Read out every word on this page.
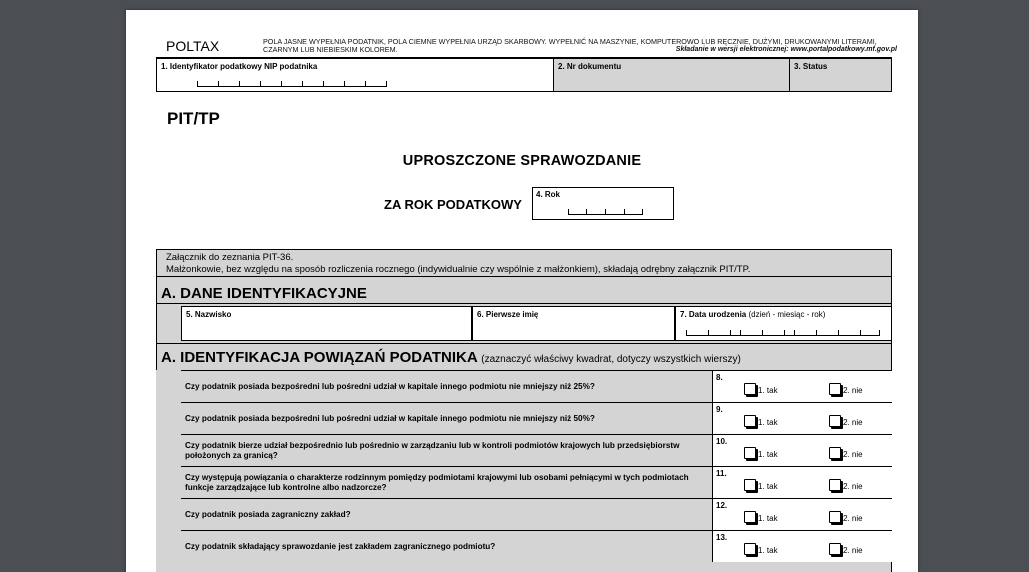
POLTAX	POLA JASNE WYPEŁNIA PODATNIK, POLA CIEMNE WYPEŁNIA URZĄD SKARBOWY. WYPEŁNIĆ NA MASZYNIE, KOMPUTEROWO LUB RĘCZNIE, DUŻYMI, DRUKOWANYMI LITERAMI, CZARNYM LUB NIEBIESKIM KOLOREM.	Składanie w wersji elektronicznej: www.portalpodatkowy.mf.gov.pl
1. Identyfikator podatkowy NIP podatnika	2. Nr dokumentu	3. Status
PIT/TP
UPROSZCZONE SPRAWOZDANIE
ZA ROK PODATKOWY
4. Rok
Załącznik do zeznania PIT-36.
Małżonkowie, bez względu na sposób rozliczenia rocznego (indywidualnie czy wspólnie z małżonkiem), składają odrębny załącznik PIT/TP.
A. DANE IDENTYFIKACYJNE
5. Nazwisko	6. Pierwsze imię	7. Data urodzenia (dzień - miesiąc - rok)
A. IDENTYFIKACJA POWIĄZAŃ PODATNIKA (zaznaczyć właściwy kwadrat, dotyczy wszystkich wierszy)
Czy podatnik posiada bezpośredni lub pośredni udział w kapitale innego podmiotu nie mniejszy niż 25%?
8.
1. tak	2. nie
Czy podatnik posiada bezpośredni lub pośredni udział w kapitale innego podmiotu nie mniejszy niż 50%?
9.
1. tak	2. nie
Czy podatnik bierze udział bezpośrednio lub pośrednio w zarządzaniu lub w kontroli podmiotów krajowych lub przedsiębiorstw położonych za granicą?
10.
1. tak	2. nie
Czy występują powiązania o charakterze rodzinnym pomiędzy podmiotami krajowymi lub osobami pełniącymi w tych podmiotach funkcje zarządzające lub kontrolne albo nadzorcze?
11.
1. tak	2. nie
Czy podatnik posiada zagraniczny zakład?
12.
1. tak	2. nie
Czy podatnik składający sprawozdanie jest zakładem zagranicznego podmiotu?
13.
1. tak	2. nie
